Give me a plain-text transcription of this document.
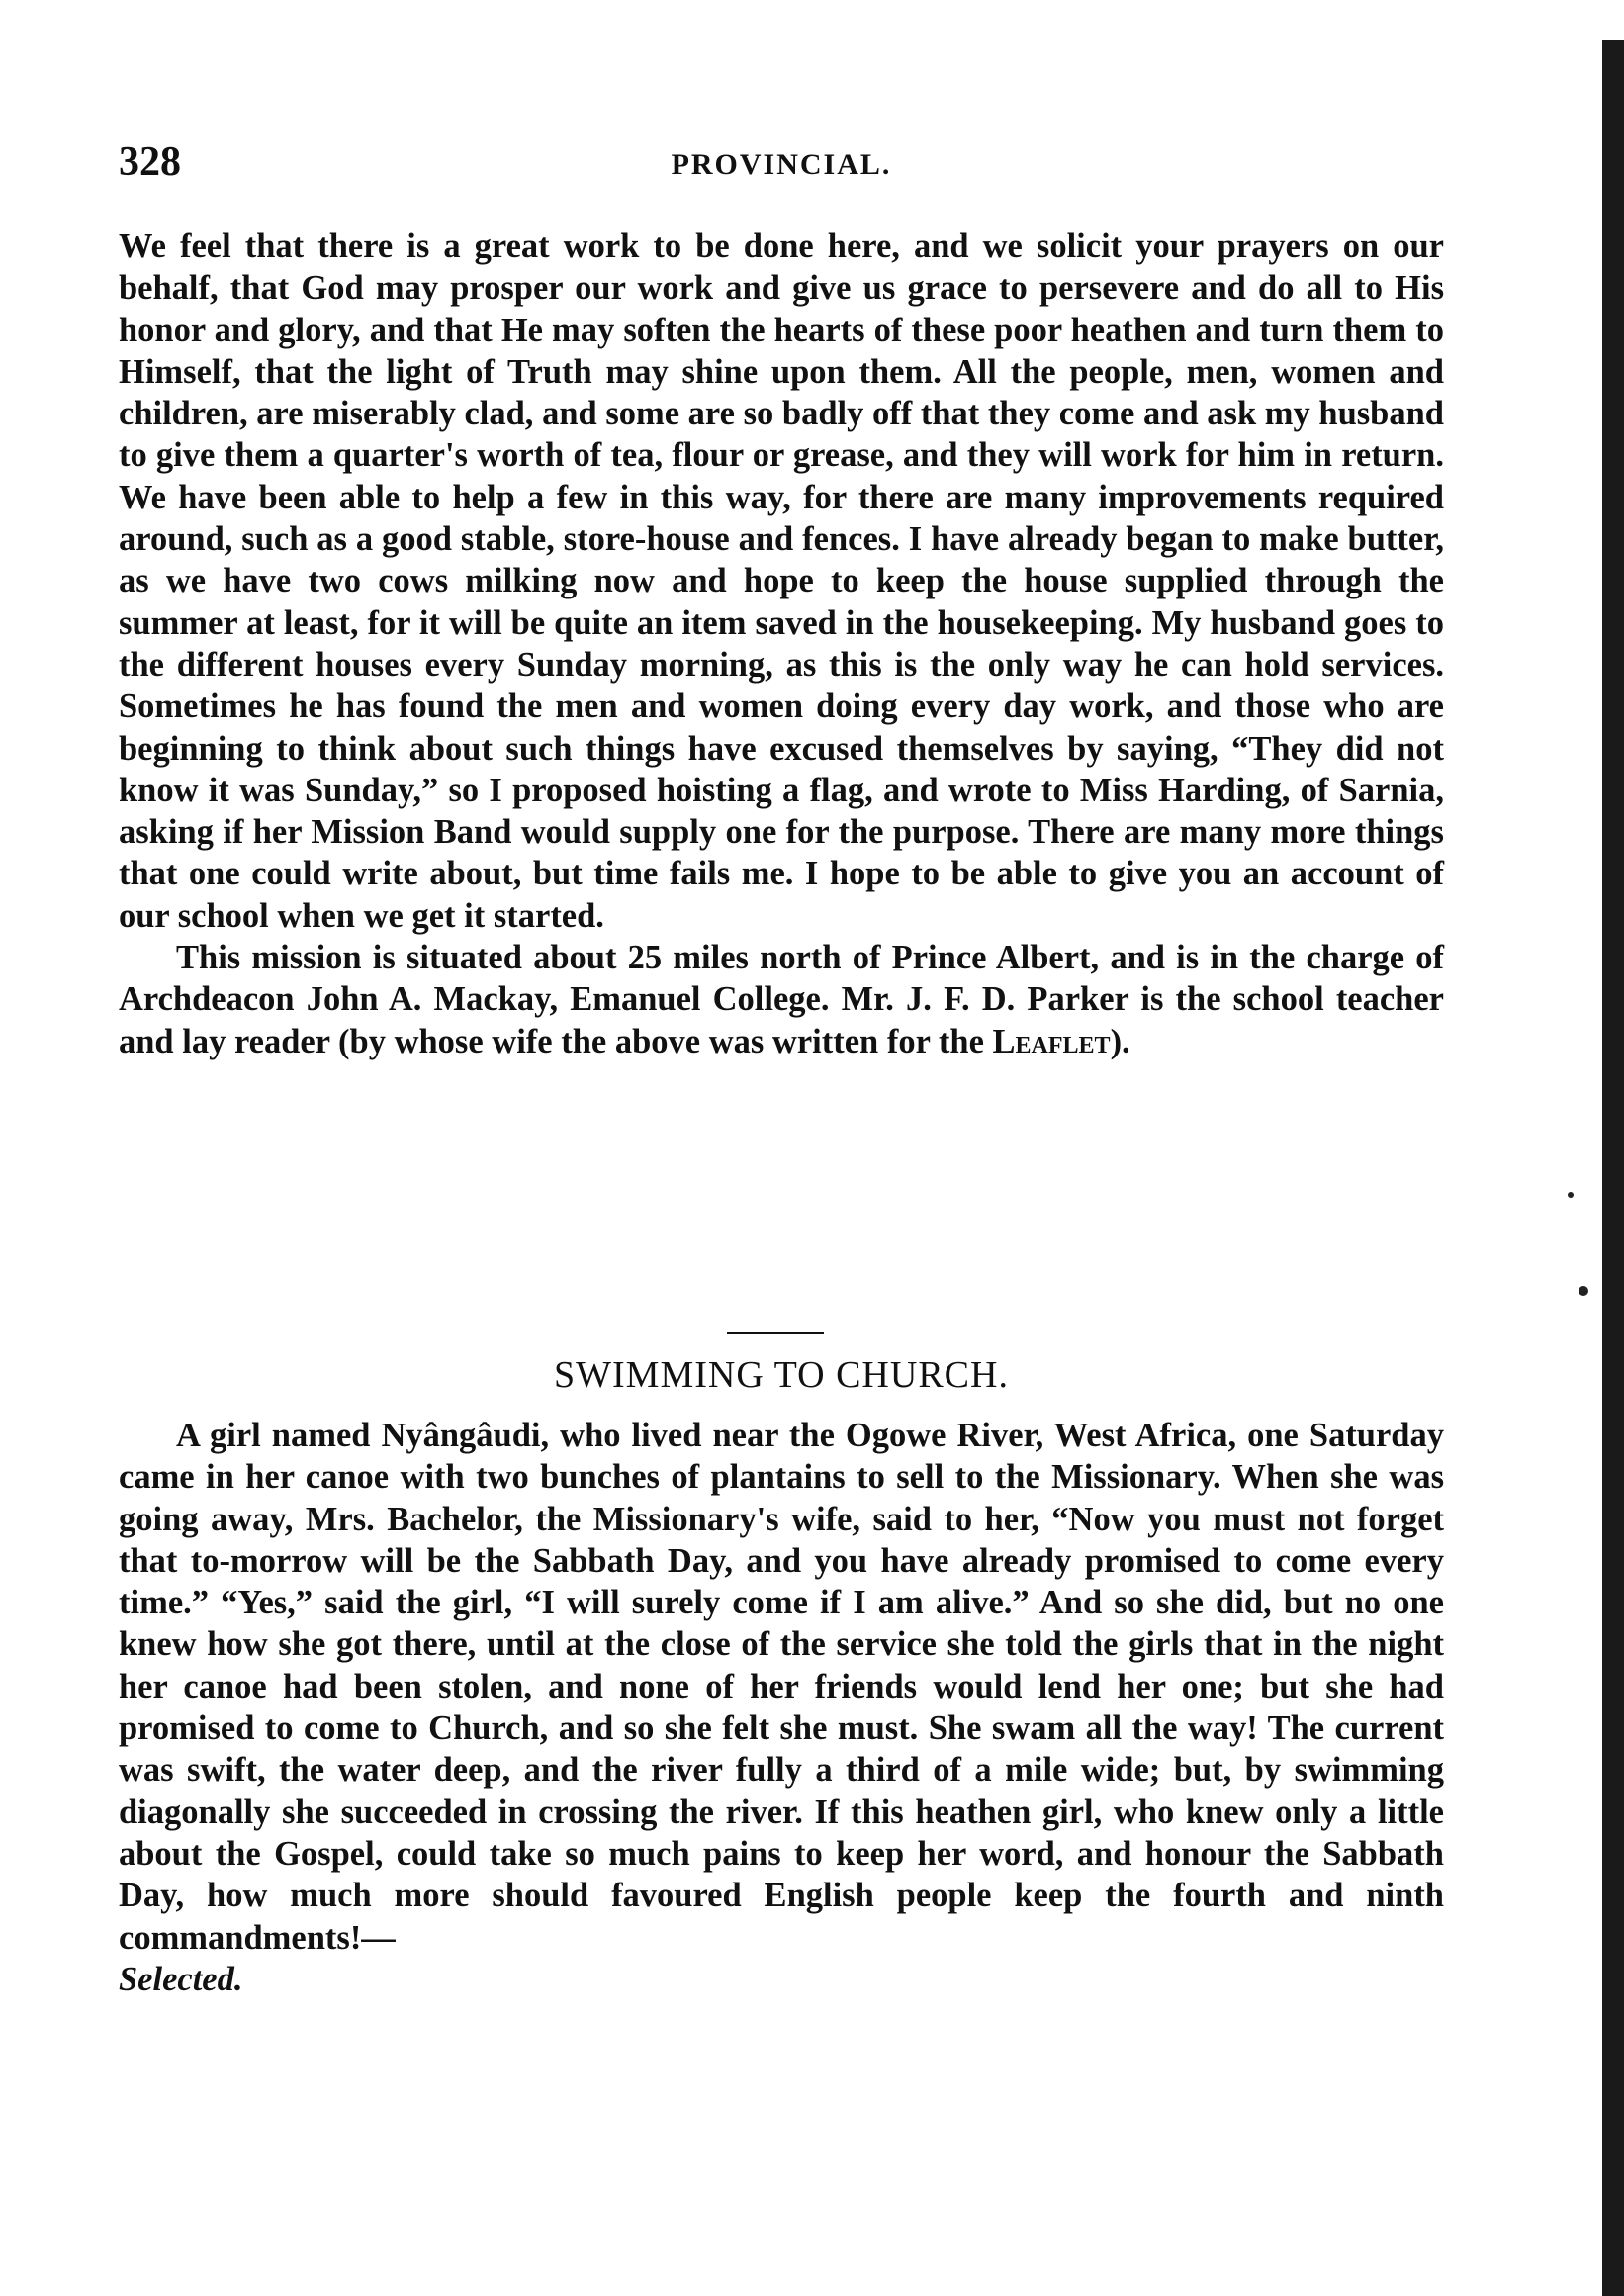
328	PROVINCIAL.

We feel that there is a great work to be done here, and we solicit your prayers on our behalf, that God may prosper our work and give us grace to persevere and do all to His honor and glory, and that He may soften the hearts of these poor heathen and turn them to Himself, that the light of Truth may shine upon them. All the people, men, women and children, are miserably clad, and some are so badly off that they come and ask my husband to give them a quarter's worth of tea, flour or grease, and they will work for him in return. We have been able to help a few in this way, for there are many improvements required around, such as a good stable, store-house and fences. I have already began to make butter, as we have two cows milking now and hope to keep the house supplied through the summer at least, for it will be quite an item saved in the housekeeping. My husband goes to the different houses every Sunday morning, as this is the only way he can hold services. Sometimes he has found the men and women doing every day work, and those who are beginning to think about such things have excused themselves by saying, “They did not know it was Sunday,” so I proposed hoisting a flag, and wrote to Miss Harding, of Sarnia, asking if her Mission Band would supply one for the purpose. There are many more things that one could write about, but time fails me. I hope to be able to give you an account of our school when we get it started.

This mission is situated about 25 miles north of Prince Albert, and is in the charge of Archdeacon John A. Mackay, Emanuel College. Mr. J. F. D. Parker is the school teacher and lay reader (by whose wife the above was written for the Leaflet).

SWIMMING TO CHURCH.

A girl named Nyângâudi, who lived near the Ogowe River, West Africa, one Saturday came in her canoe with two bunches of plantains to sell to the Missionary. When she was going away, Mrs. Bachelor, the Missionary's wife, said to her, “Now you must not forget that to-morrow will be the Sabbath Day, and you have already promised to come every time.” “Yes,” said the girl, “I will surely come if I am alive.” And so she did, but no one knew how she got there, until at the close of the service she told the girls that in the night her canoe had been stolen, and none of her friends would lend her one; but she had promised to come to Church, and so she felt she must. She swam all the way! The current was swift, the water deep, and the river fully a third of a mile wide; but, by swimming diagonally she succeeded in crossing the river. If this heathen girl, who knew only a little about the Gospel, could take so much pains to keep her word, and honour the Sabbath Day, how much more should favoured English people keep the fourth and ninth commandments!—
Selected.
